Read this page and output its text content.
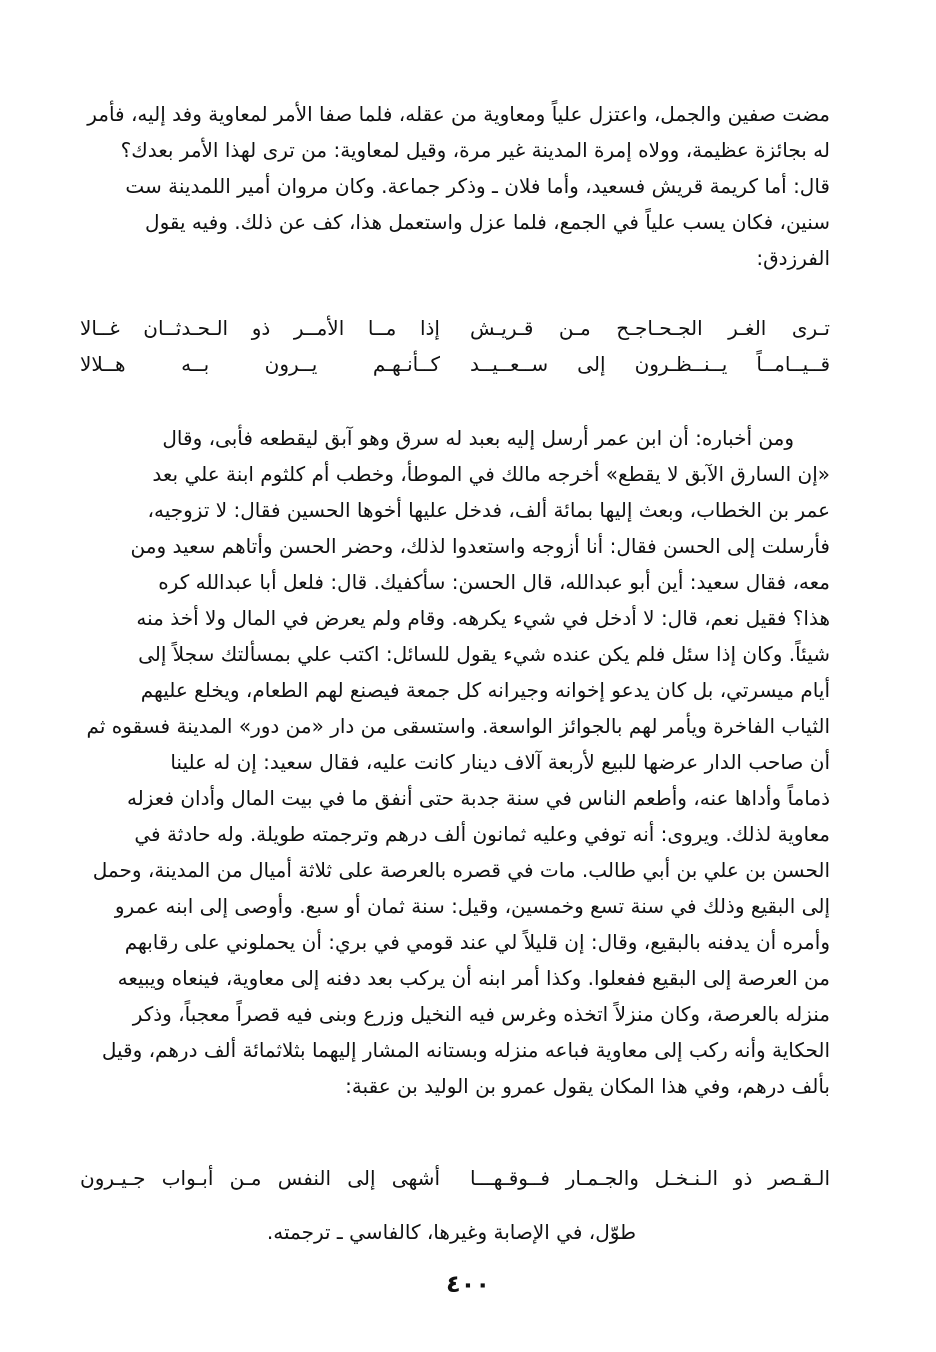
مضت صفين والجمل، واعتزل علياً ومعاوية من عقله، فلما صفا الأمر لمعاوية وفد إليه، فأمر
له بجائزة عظيمة، وولاه إمرة المدينة غير مرة، وقيل لمعاوية: من ترى لهذا الأمر بعدك؟
قال: أما كريمة قريش فسعيد، وأما فلان ـ وذكر جماعة. وكان مروان أمير اللمدينة ست
سنين، فكان يسب علياً في الجمع، فلما عزل واستعمل هذا، كف عن ذلك. وفيه يقول
الفرزدق:
تـرى الغـر الجـحـاجـح مـن قـريـش
إذا مــا الأمــر ذو الـحـدثــان غــالا
قــيــامــاً يــنــظـرون إلى ســعــيــد
كــأنـهـم يــرون بــه هــلالا
ومن أخباره: أن ابن عمر أرسل إليه بعبد له سرق وهو آبق ليقطعه فأبى، وقال
«إن السارق الآبق لا يقطع» أخرجه مالك في الموطأ، وخطب أم كلثوم ابنة علي بعد
عمر بن الخطاب، وبعث إليها بمائة ألف، فدخل عليها أخوها الحسين فقال: لا تزوجيه،
فأرسلت إلى الحسن فقال: أنا أزوجه واستعدوا لذلك، وحضر الحسن وأتاهم سعيد ومن
معه، فقال سعيد: أين أبو عبدالله، قال الحسن: سأكفيك. قال: فلعل أبا عبدالله كره
هذا؟ فقيل نعم، قال: لا أدخل في شيء يكرهه. وقام ولم يعرض في المال ولا أخذ منه
شيئاً. وكان إذا سئل فلم يكن عنده شيء يقول للسائل: اكتب علي بمسألتك سجلاً إلى
أيام ميسرتي، بل كان يدعو إخوانه وجيرانه كل جمعة فيصنع لهم الطعام، ويخلع عليهم
الثياب الفاخرة ويأمر لهم بالجوائز الواسعة. واستسقى من دار «من دور» المدينة فسقوه ثم
أن صاحب الدار عرضها للبيع لأربعة آلاف دينار كانت عليه، فقال سعيد: إن له علينا
ذماماً وأداها عنه، وأطعم الناس في سنة جدبة حتى أنفق ما في بيت المال وأدان فعزله
معاوية لذلك. ويروى: أنه توفي وعليه ثمانون ألف درهم وترجمته طويلة. وله حادثة في
الحسن بن علي بن أبي طالب. مات في قصره بالعرصة على ثلاثة أميال من المدينة، وحمل
إلى البقيع وذلك في سنة تسع وخمسين، وقيل: سنة ثمان أو سبع. وأوصى إلى ابنه عمرو
وأمره أن يدفنه بالبقيع، وقال: إن قليلاً لي عند قومي في بري: أن يحملوني على رقابهم
من العرصة إلى البقيع ففعلوا. وكذا أمر ابنه أن يركب بعد دفنه إلى معاوية، فينعاه ويبيعه
منزله بالعرصة، وكان منزلاً اتخذه وغرس فيه النخيل وزرع وبنى فيه قصراً معجباً، وذكر
الحكاية وأنه ركب إلى معاوية فباعه منزله وبستانه المشار إليهما بثلاثمائة ألف درهم، وقيل
بألف درهم، وفي هذا المكان يقول عمرو بن الوليد بن عقبة:
الـقـصر ذو الـنـخـل والجـمـار فــوقـهـــا
أشهى إلى النفس مـن أبـواب جـيـرون
طوّل، في الإصابة وغيرها، كالفاسي ـ ترجمته.
٤٠٠
